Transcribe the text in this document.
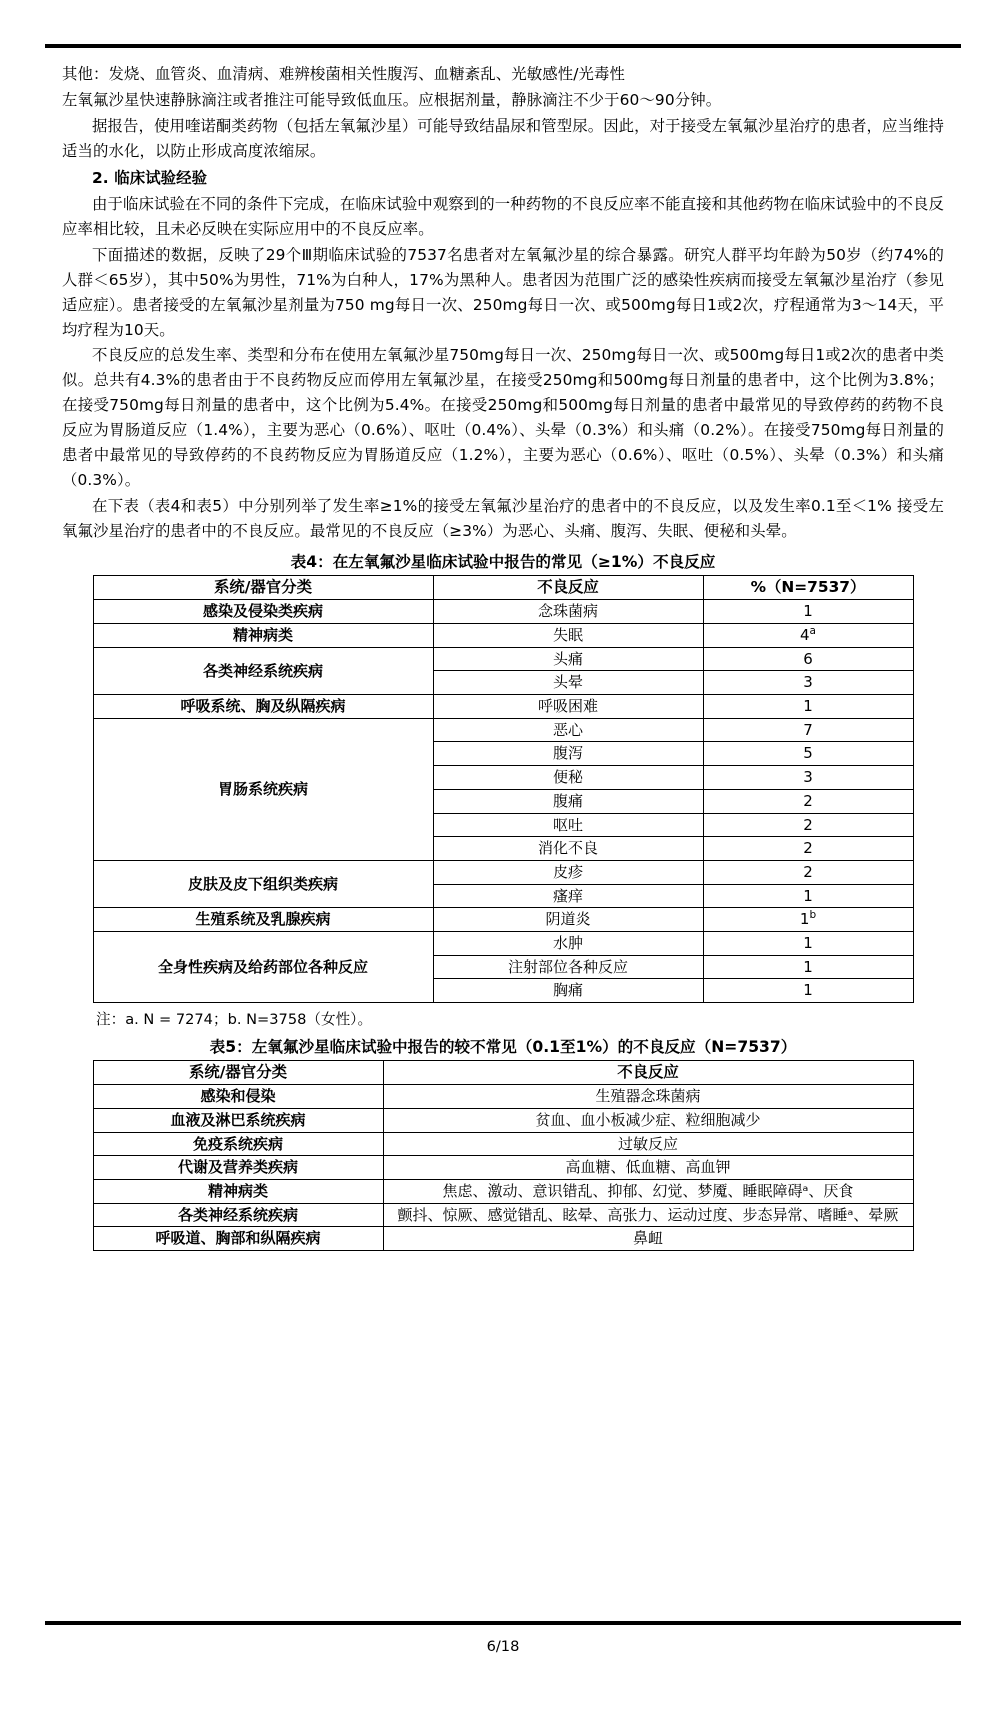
其他：发烧、血管炎、血清病、难辨梭菌相关性腹泻、血糖紊乱、光敏感性/光毒性

左氧氟沙星快速静脉滴注或者推注可能导致低血压。应根据剂量，静脉滴注不少于60～90分钟。

据报告，使用喹诺酮类药物（包括左氧氟沙星）可能导致结晶尿和管型尿。因此，对于接受左氧氟沙星治疗的患者，应当维持适当的水化，以防止形成高度浓缩尿。

2. 临床试验经验

由于临床试验在不同的条件下完成，在临床试验中观察到的一种药物的不良反应率不能直接和其他药物在临床试验中的不良反应率相比较，且未必反映在实际应用中的不良反应率。

下面描述的数据，反映了29个Ⅲ期临床试验的7537名患者对左氧氟沙星的综合暴露。研究人群平均年龄为50岁（约74%的人群＜65岁），其中50%为男性，71%为白种人，17%为黑种人。患者因为范围广泛的感染性疾病而接受左氧氟沙星治疗（参见适应症）。患者接受的左氧氟沙星剂量为750 mg每日一次、250mg每日一次、或500mg每日1或2次，疗程通常为3～14天，平均疗程为10天。

不良反应的总发生率、类型和分布在使用左氧氟沙星750mg每日一次、250mg每日一次、或500mg每日1或2次的患者中类似。总共有4.3%的患者由于不良药物反应而停用左氧氟沙星，在接受250mg和500mg每日剂量的患者中，这个比例为3.8%；在接受750mg每日剂量的患者中，这个比例为5.4%。在接受250mg和500mg每日剂量的患者中最常见的导致停药的药物不良反应为胃肠道反应（1.4%），主要为恶心（0.6%）、呕吐（0.4%）、头晕（0.3%）和头痛（0.2%）。在接受750mg每日剂量的患者中最常见的导致停药的不良药物反应为胃肠道反应（1.2%），主要为恶心（0.6%）、呕吐（0.5%）、头晕（0.3%）和头痛（0.3%）。

在下表（表4和表5）中分别列举了发生率≥1%的接受左氧氟沙星治疗的患者中的不良反应，以及发生率0.1至＜1% 接受左氧氟沙星治疗的患者中的不良反应。最常见的不良反应（≥3%）为恶心、头痛、腹泻、失眠、便秘和头晕。

表4：在左氧氟沙星临床试验中报告的常见（≥1%）不良反应
系统/器官分类	不良反应	%（N=7537）
感染及侵染类疾病	念珠菌病	1
精神病类	失眠	4$^a$
各类神经系统疾病	头痛	6
	头晕	3
呼吸系统、胸及纵隔疾病	呼吸困难	1
胃肠系统疾病	恶心	7
	腹泻	5
	便秘	3
	腹痛	2
	呕吐	2
	消化不良	2
皮肤及皮下组织类疾病	皮疹	2
	瘙痒	1
生殖系统及乳腺疾病	阴道炎	1$^b$
全身性疾病及给药部位各种反应	水肿	1
	注射部位各种反应	1
	胸痛	1
注：a. N = 7274；b. N=3758（女性）。
表5：左氧氟沙星临床试验中报告的较不常见（0.1至1%）的不良反应（N=7537）
系统/器官分类	不良反应
感染和侵染	生殖器念珠菌病
血液及淋巴系统疾病	贫血、血小板减少症、粒细胞减少
免疫系统疾病	过敏反应
代谢及营养类疾病	高血糖、低血糖、高血钾
精神病类	焦虑、激动、意识错乱、抑郁、幻觉、梦魇、睡眠障碍ᵃ、厌食
各类神经系统疾病	颤抖、惊厥、感觉错乱、眩晕、高张力、运动过度、步态异常、嗜睡ᵃ、晕厥
呼吸道、胸部和纵隔疾病	鼻衄
6/18
